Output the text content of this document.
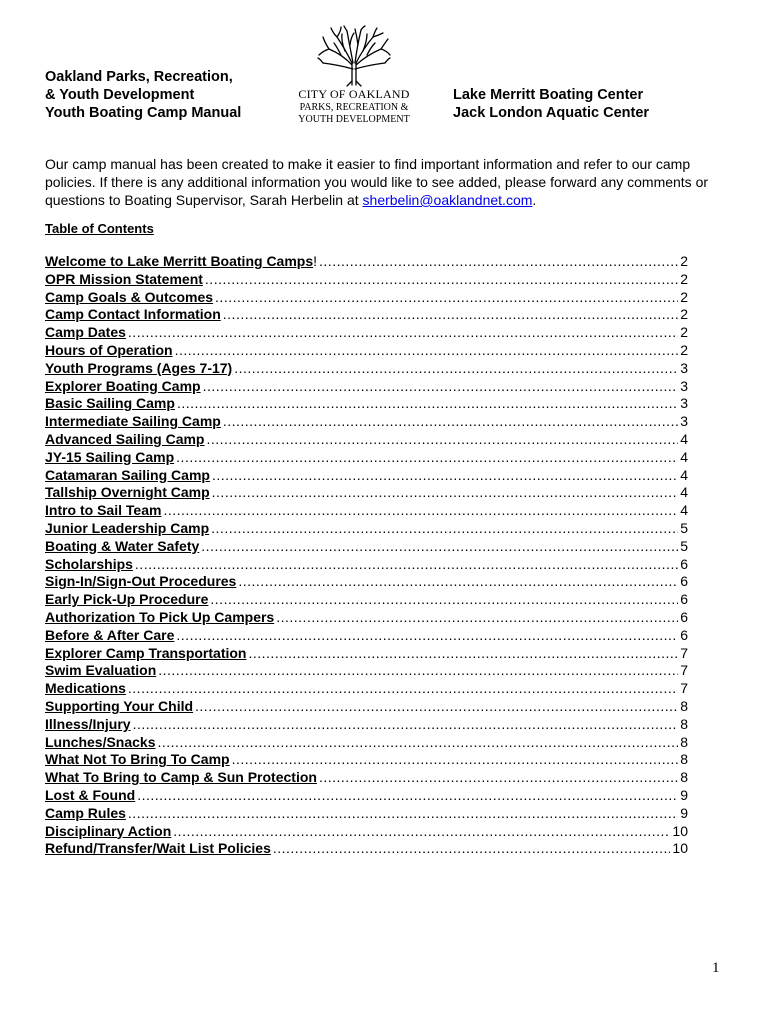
Oakland Parks, Recreation,
& Youth Development
Youth Boating Camp Manual
CITY OF OAKLAND
PARKS, RECREATION &
YOUTH DEVELOPMENT
Lake Merritt Boating Center
Jack London Aquatic Center
Our camp manual has been created to make it easier to find important information and refer to our camp policies. If there is any additional information you would like to see added, please forward any comments or questions to Boating Supervisor, Sarah Herbelin at sherbelin@oaklandnet.com.
Table of Contents
Welcome to Lake Merritt Boating Camps ! .....	2
OPR Mission Statement .....	2
Camp Goals & Outcomes .....	2
Camp Contact Information .....	2
Camp Dates .....	2
Hours of Operation .....	2
Youth Programs (Ages 7-17) .....	3
Explorer Boating Camp .....	3
Basic Sailing Camp .....	3
Intermediate Sailing Camp .....	3
Advanced Sailing Camp .....	4
JY-15 Sailing Camp .....	4
Catamaran Sailing Camp .....	4
Tallship Overnight Camp .....	4
Intro to Sail Team .....	4
Junior Leadership Camp .....	5
Boating & Water Safety .....	5
Scholarships .....	6
Sign-In/Sign-Out Procedures .....	6
Early Pick-Up Procedure .....	6
Authorization To Pick Up Campers .....	6
Before & After Care .....	6
Explorer Camp Transportation .....	7
Swim Evaluation .....	7
Medications .....	7
Supporting Your Child .....	8
Illness/Injury .....	8
Lunches/Snacks .....	8
What Not To Bring To Camp .....	8
What To Bring to Camp & Sun Protection .....	8
Lost & Found .....	9
Camp Rules .....	9
Disciplinary Action .....	10
Refund/Transfer/Wait List Policies .....	10
1
